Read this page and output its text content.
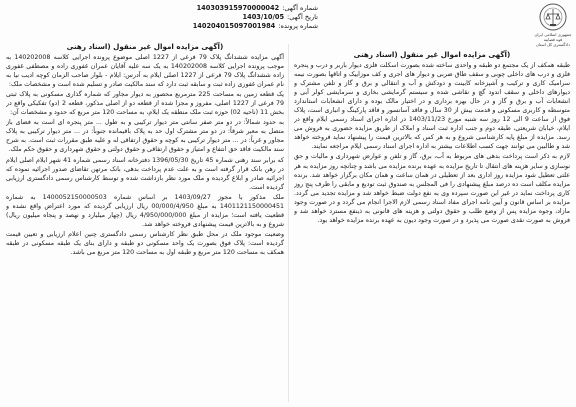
جمهوری اسلامی ایران
قوه قضاییه
دادگستری کل استان
شماره آگهی:
140303915970000042
تاریخ آگهی:
1403/10/05
شماره پرونده:
140204015097001984
(آگهی مزایده اموال غیر منقول (اسناد رهنی

طبقه همکف از یک مجتمع دو طبقه و واحدی ساخته شده بصورت اسکلت فلزی دیوار باربر و درب و پنجره فلزی و درب های داخلی چوبی و سقف طاق ضربی و دیوار های اجری و کف موزاییک و اتاقها بصورت نیمه سرامیک کاری و ترکیب و آشپزخانه کابینت و دودکش و آب و انتقالی و برق و گاز و تلفن مشترک و دیوارهای داخلی و سقف اندود گچ و نقاشی شده و سیستم گرمایشی بخاری و سرمایشی کولر آبی و انشعابات آب و برق و گاز و در حال بهره برداری و در اختیار مالک بوده و دارای انشعابات استاندارد متوسطه و کاربری مسکونی و قدمت بیش از 30 سال و فاقد آسانسور و فاقد پارکینگ و انباری است، پلاک فوق از ساعت 9 الی 12 روز سه شنبه مورخ 1403/11/23 در اداره اجرای اسناد رسمی ایلام واقع در ایلام، خیابان شریعتی، طبقه دوم و جنب اداره ثبت اسناد و املاک از طریق مزایده حضوری به فروش می رسد. مزایده از مبلغ پایه کارشناسی شروع و به هر کس که بالاترین قیمت را پیشنهاد نماید فروخته خواهد شد و طالبین می توانند جهت کسب اطلاعات بیشتر به اداره اجرای اسناد رسمی ایلام مراجعه نمایند.

لازم به ذکر است پرداخت بدهی های مربوط به آب، برق، گاز و تلفن و عوارض شهرداری و مالیات و حق نوسازی و سایر هزینه های انتقال تا تاریخ مزایده به عهده برنده مزایده می باشد و چنانچه روز مزایده به هر علتی تعطیل شود مزایده روز اداری بعد از تعطیلی در همان ساعت و همان مکان برگزار خواهد شد. برنده مزایده مکلف است ده درصد مبلغ پیشنهادی را فی المجلس به صندوق ثبت تودیع و مابقی را ظرف پنج روز کاری پرداخت نماید در غیر این صورت سپرده وی به نفع دولت ضبط خواهد شد و مزایده تجدید می گردد. مزایده بر اساس قانون و آیین نامه اجرای مفاد اسناد رسمی لازم الاجرا انجام می گردد و در صورت وجود مازاد، وجوه مزایده پس از وضع طلب و حقوق دولتی و هزینه های قانونی به ذینفع مسترد خواهد شد و فروش به صورت نقدی صورت می پذیرد و در صورت وجود دیون به عهده برنده مزایده خواهد بود.

(آگهی مزایده اموال غیر منقول (اسناد رهنی

آگهی مزایده ششدانگ پلاک 79 فرعی از 1227 اصلی موضوع پرونده اجرایی کلاسه 140202008 به موجب پرونده اجرایی کلاسه 140202008 به یک سه علیه آقایان عمران غفوری زاده و مصطفی غفوری زاده ششدانگ پلاک 79 فرعی از 1227 اصلی ایلام به آدرس: ایلام - بلوار صاحب الزمان کوچه ادیب نیا به نام عمران غفوری زاده ثبت و سابقه ثبت دارد که سند مالکیت صادر و تسلیم شده است و مشخصات ملک:

یک قطعه زمین به مساحت 225 مترمربع محصور به دیوار مجاور که شماره گذاری مسکونی به پلاک ثبتی 79 فرعی از 1227 اصلی، مفروز و مجزا شده از قطعه دو از اصلی مذکور، قطعه 2 (دو) تفکیکی واقع در بخش 11 (ناحیه 02) حوزه ثبت ملک منطقه یک ایلام، به مساحت 120 متر مربع که حدود و مشخصات آن:

به حدود شمالاً: در دو متر صفر سانتی متر دیوار ترکیبی و به طول ... متر پنجره ای است به فضای باز متصل به معبر شرقاً: در دو متر مشترک اول حد به پلاک باقیمانده جنوباً: در ... متر دیوار ترکیبی به پلاک مجاور و غرباً: در ... متر دیوار ترکیبی به کوچه و حقوق ارتفاقی له و علیه طبق مقررات ثبت است. به شرح سند مالکیت فاقد حق انتفاع و امتیاز و حقوق ارتفاقی و حقوق دولتی و حقوق شهرداری و حقوق حکم ملک.

که برابر سند رهنی شماره 45 تاریخ 1396/05/30 دفترخانه اسناد رسمی شماره 41 شهر ایلام اصلی ایلام در رهن بانک قرار گرفته است و به علت عدم پرداخت بدهی، بانک مرتهن تقاضای صدور اجرائیه نموده که اجرائیه صادر و ابلاغ گردیده و ملک مورد نظر بازداشت شده و توسط کارشناس رسمی دادگستری ارزیابی گردیده است.

ملک مذکور با مجوز 1403/09/27 بر اساس شماره 1400052150000503 به شماره 1401121150000451 به مبلغ 00/000/4/950 ریال ارزیابی گردیده که مورد اعتراض واقع نشده و قطعیت یافته است؛ مزایده از مبلغ 4/950/000/000 ریال (چهار میلیارد و نهصد و پنجاه میلیون ریال) شروع و به بالاترین قیمت پیشنهادی فروخته خواهد شد.

وضعیت موجود ملک در محل طبق نظر کارشناس رسمی دادگستری چنین اعلام ارزیابی و تعیین قیمت گردیده است: پلاک فوق بصورت یک واحد مسکونی دو طبقه و دارای بنای یک طبقه مسکونی در طبقه همکف به مساحت 120 متر مربع و طبقه اول به مساحت 120 متر مربع می باشد.
